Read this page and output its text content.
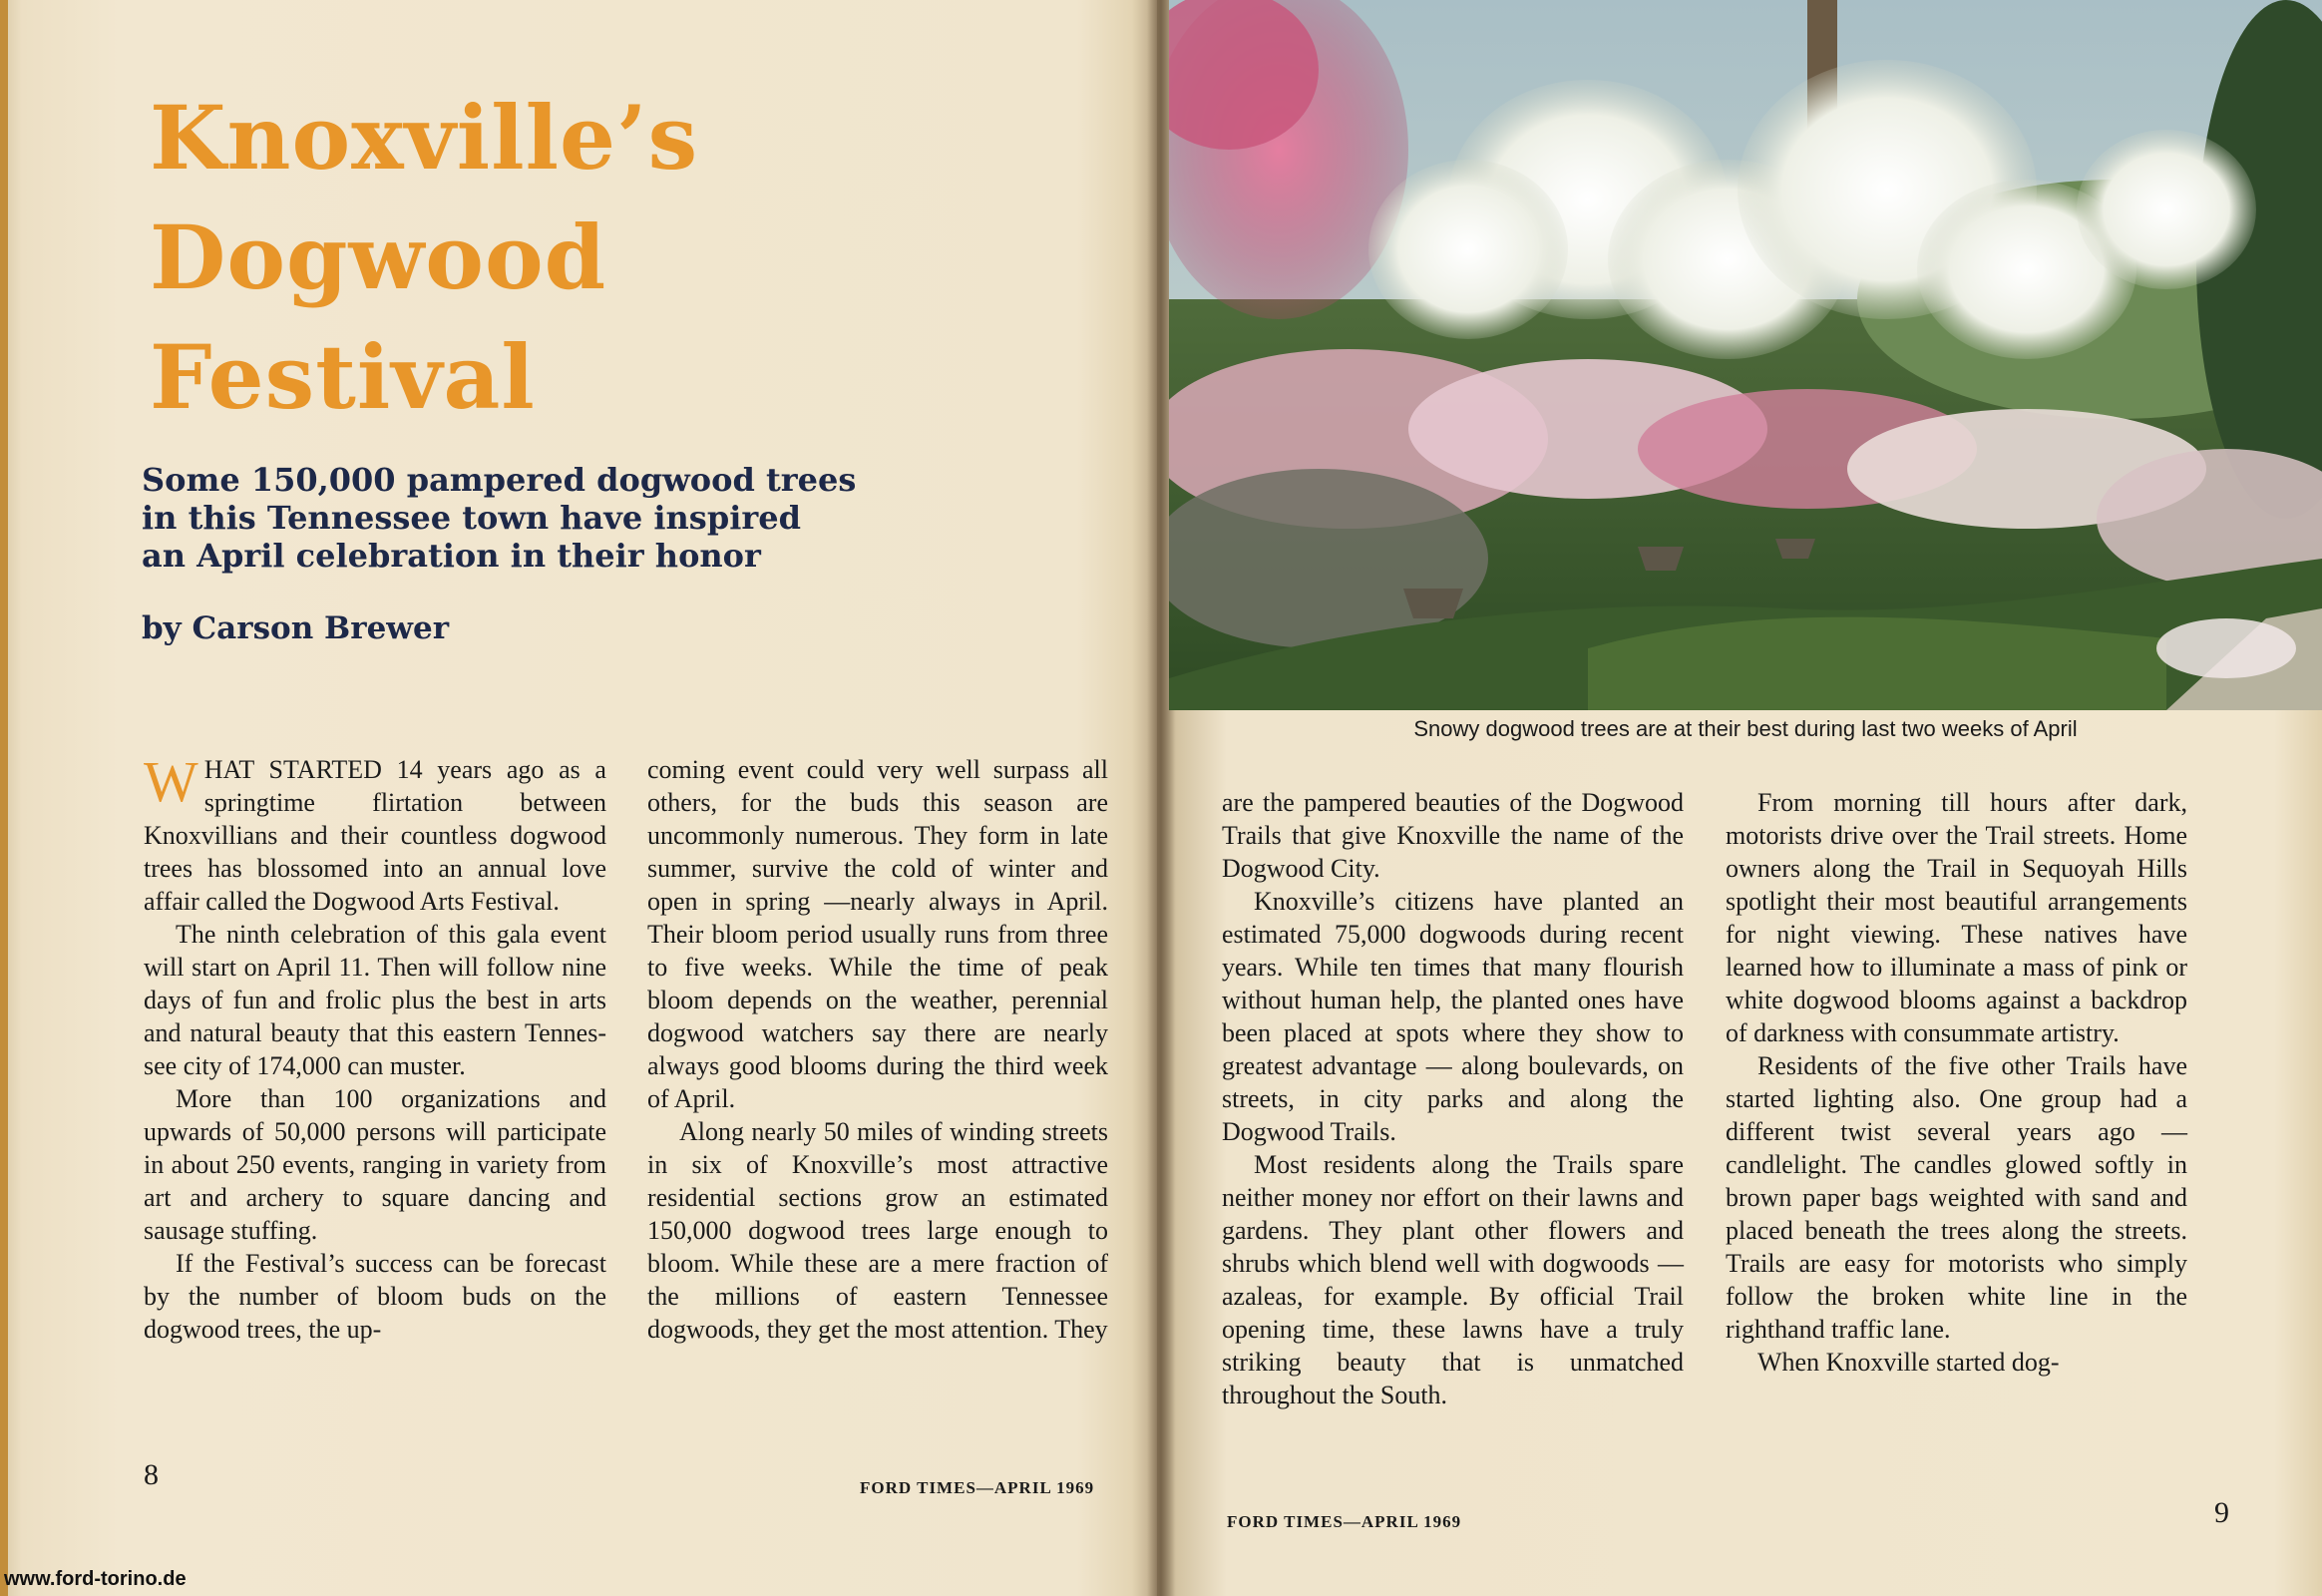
Knoxville’s
Dogwood
Festival
Some 150,000 pampered dogwood trees
in this Tennessee town have inspired
an April celebration in their honor

by Carson Brewer

WHAT STARTED 14 years ago as a springtime flirtation between Knoxvillians and their countless dogwood trees has blossomed into an annual love affair called the Dogwood Arts Festival.

The ninth celebration of this gala event will start on April 11. Then will follow nine days of fun and frolic plus the best in arts and natural beauty that this eastern Tennessee city of 174,000 can muster.

More than 100 organizations and upwards of 50,000 persons will participate in about 250 events, ranging in variety from art and archery to square dancing and sausage stuffing.

If the Festival’s success can be forecast by the number of bloom buds on the dogwood trees, the up-

coming event could very well surpass all others, for the buds this season are uncommonly numerous. They form in late summer, survive the cold of winter and open in spring —nearly always in April. Their bloom period usually runs from three to five weeks. While the time of peak bloom depends on the weather, perennial dogwood watchers say there are nearly always good blooms during the third week of April.

Along nearly 50 miles of winding streets in six of Knoxville’s most attractive residential sections grow an estimated 150,000 dogwood trees large enough to bloom. While these are a mere fraction of the millions of eastern Tennessee dogwoods, they get the most attention. They

8	FORD TIMES—APRIL 1969

are the pampered beauties of the Dogwood Trails that give Knoxville the name of the Dogwood City.

Knoxville’s citizens have planted an estimated 75,000 dogwoods during recent years. While ten times that many flourish without human help, the planted ones have been placed at spots where they show to greatest advantage — along boulevards, on streets, in city parks and along the Dogwood Trails.

Most residents along the Trails spare neither money nor effort on their lawns and gardens. They plant other flowers and shrubs which blend well with dogwoods — azaleas, for example. By official Trail opening time, these lawns have a truly striking beauty that is unmatched throughout the South.

From morning till hours after dark, motorists drive over the Trail streets. Home owners along the Trail in Sequoyah Hills spotlight their most beautiful arrangements for night viewing. These natives have learned how to illuminate a mass of pink or white dogwood blooms against a backdrop of darkness with consummate artistry.

Residents of the five other Trails have started lighting also. One group had a different twist several years ago — candlelight. The candles glowed softly in brown paper bags weighted with sand and placed beneath the trees along the streets. Trails are easy for motorists who simply follow the broken white line in the righthand traffic lane.

When Knoxville started dog-

FORD TIMES—APRIL 1969	9

Snowy dogwood trees are at their best during last two weeks of April

www.ford-torino.de
